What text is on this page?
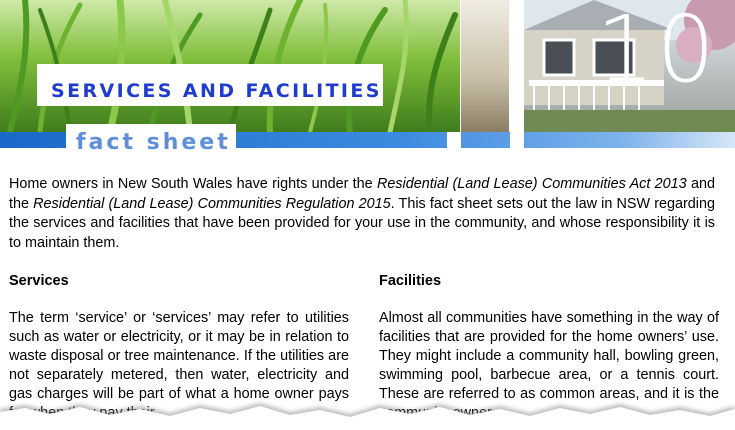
10
SERVICES AND FACILITIES
fact sheet

Home owners in New South Wales have rights under the Residential (Land Lease) Communities Act 2013 and the Residential (Land Lease) Communities Regulation 2015. This fact sheet sets out the law in NSW regarding the services and facilities that have been provided for your use in the community, and whose responsibility it is to maintain them.

Services

The term ‘service’ or ‘services’ may refer to utilities such as water or electricity, or it may be in relation to waste disposal or tree maintenance. If the utilities are not separately metered, then water, electricity and gas charges will be part of what a home owner pays

Facilities

Almost all communities have something in the way of facilities that are provided for the home owners’ use. They might include a community hall, bowling green, swimming pool, barbecue area, or a tennis court. These are referred to as common areas, and it is the
